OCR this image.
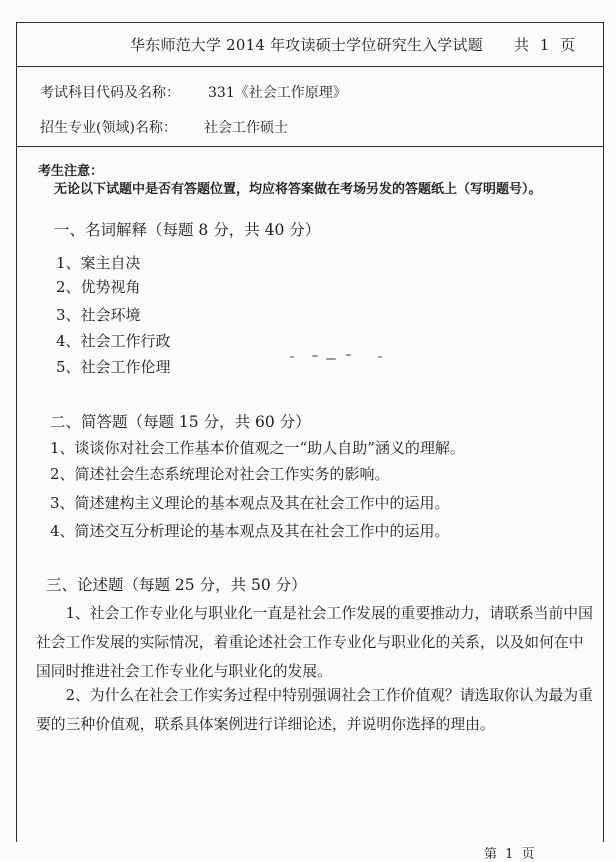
华东师范大学 2014 年攻读硕士学位研究生入学试题 共 1 页
考试科目代码及名称： 331《社会工作原理》
招生专业(领域)名称： 社会工作硕士
考生注意：
无论以下试题中是否有答题位置，均应将答案做在考场另发的答题纸上（写明题号）。
一、名词解释（每题 8 分，共 40 分）
1、案主自决
2、优势视角
3、社会环境
4、社会工作行政
5、社会工作伦理
二、简答题（每题 15 分，共 60 分）
1、谈谈你对社会工作基本价值观之一“助人自助”涵义的理解。
2、简述社会生态系统理论对社会工作实务的影响。
3、简述建构主义理论的基本观点及其在社会工作中的运用。
4、简述交互分析理论的基本观点及其在社会工作中的运用。
三、论述题（每题 25 分，共 50 分）
1、社会工作专业化与职业化一直是社会工作发展的重要推动力，请联系当前中国社会工作发展的实际情况，着重论述社会工作专业化与职业化的关系，以及如何在中国同时推进社会工作专业化与职业化的发展。
2、为什么在社会工作实务过程中特别强调社会工作价值观？请选取你认为最为重要的三种价值观，联系具体案例进行详细论述，并说明你选择的理由。
第 1 页
